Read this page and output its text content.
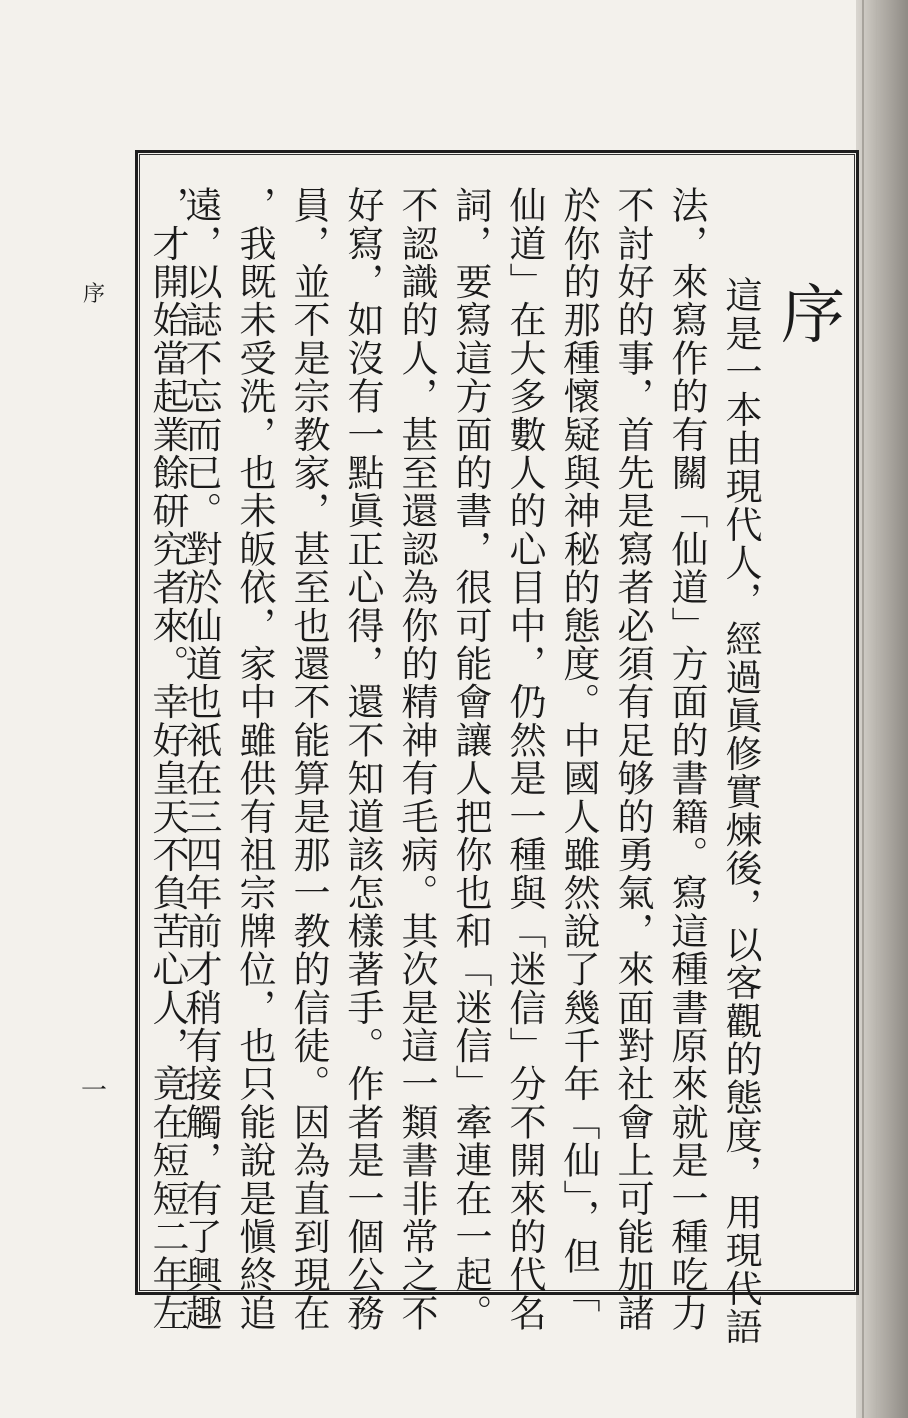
序
一
序
這是一本由現代人，經過眞修實煉後，以客觀的態度，用現代語
法，來寫作的有關「仙道」方面的書籍。寫這種書原來就是一種吃力
不討好的事，首先是寫者必須有足够的勇氣，來面對社會上可能加諸
於你的那種懷疑與神秘的態度。中國人雖然說了幾千年「仙」，但「
仙道」在大多數人的心目中，仍然是一種與「迷信」分不開來的代名
詞，要寫這方面的書，很可能會讓人把你也和「迷信」牽連在一起。
不認識的人，甚至還認為你的精神有毛病。其次是這一類書非常之不
好寫，如沒有一點眞正心得，還不知道該怎樣著手。作者是一個公務
員，並不是宗教家，甚至也還不能算是那一教的信徒。因為直到現在
，我既未受洗，也未皈依，家中雖供有祖宗牌位，也只能說是愼終追
遠，以誌不忘而已。對於仙道也衹在三四年前才稍有接觸，有了興趣
，才開始當起業餘研究者來。幸好皇天不負苦心人，竟在短短二年左
